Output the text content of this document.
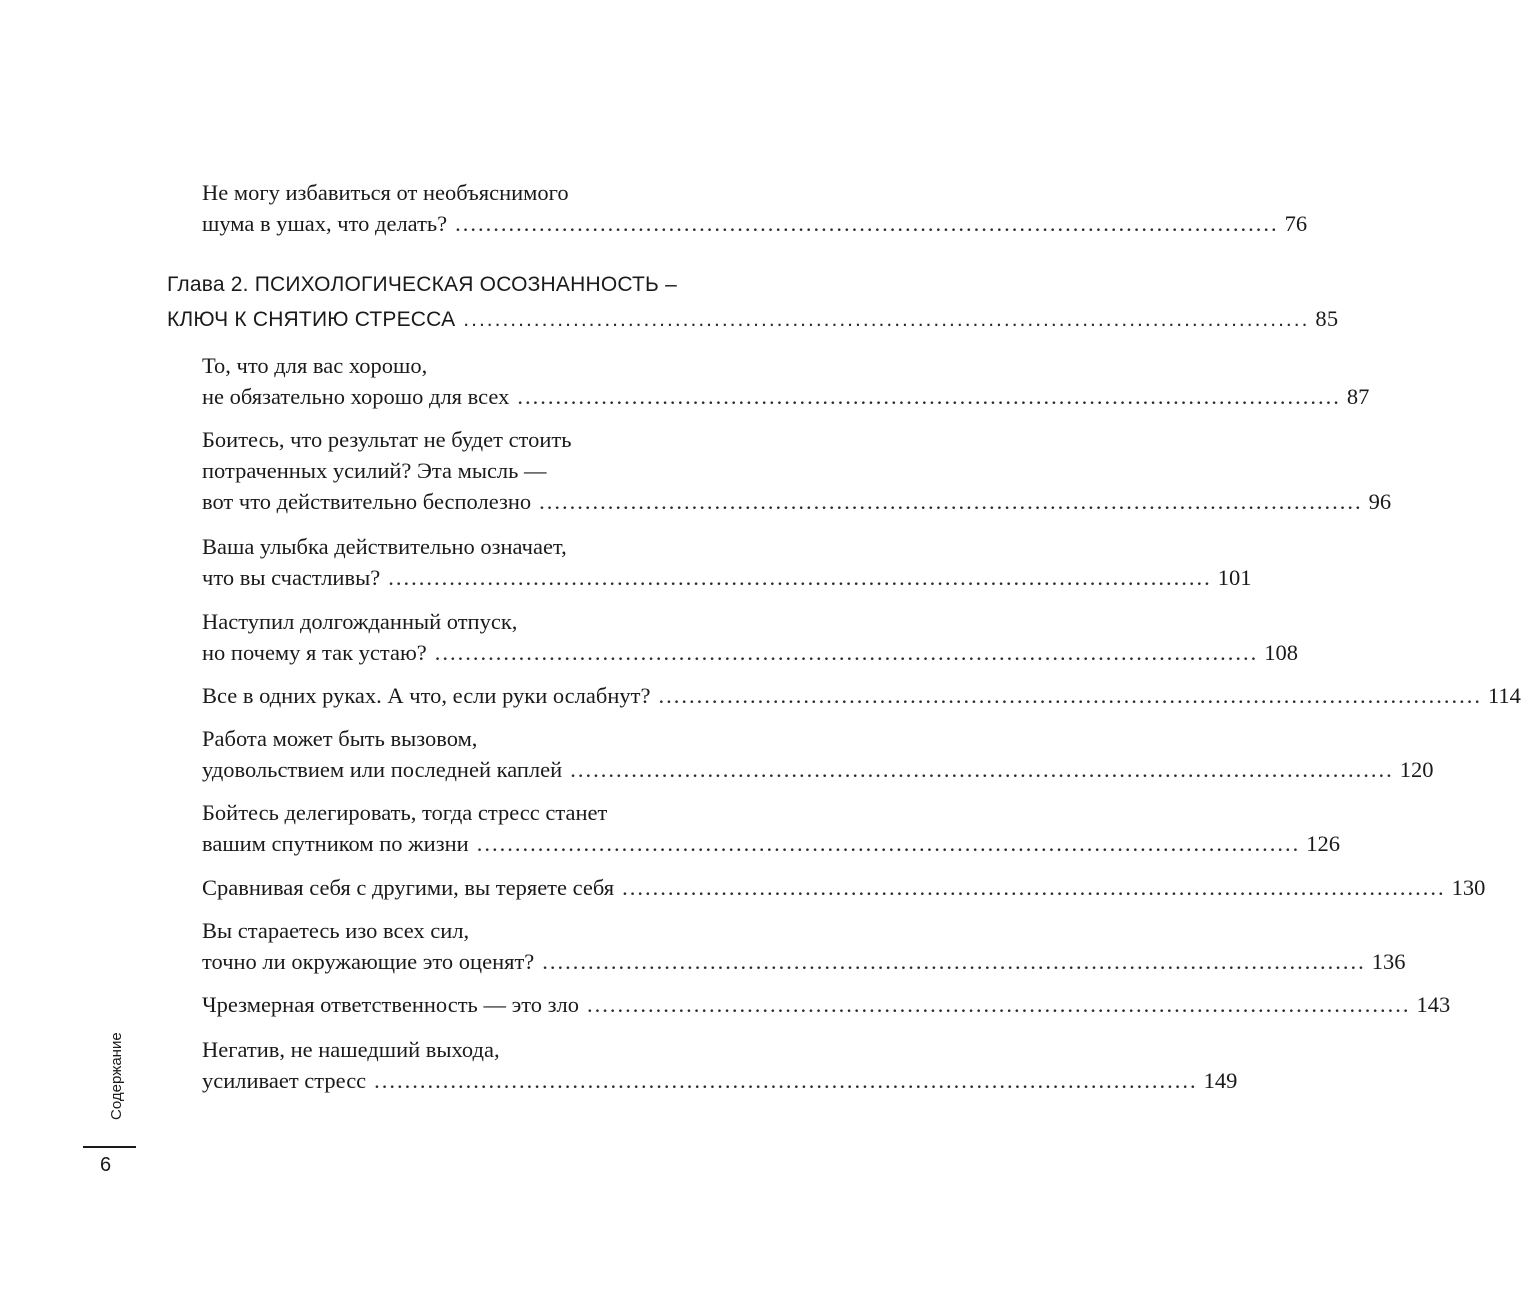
Не могу избавиться от необъяснимого
шума в ушах, что делать? ............................................................................................................ 76
Глава 2. ПСИХОЛОГИЧЕСКАЯ ОСОЗНАННОСТЬ –
КЛЮЧ К СНЯТИЮ СТРЕССА ............................................................................................................ 85
То, что для вас хорошо,
не обязательно хорошо для всех ............................................................................................................ 87
Боитесь, что результат не будет стоить
потраченных усилий? Эта мысль —
вот что действительно бесполезно ............................................................................................................ 96
Ваша улыбка действительно означает,
что вы счастливы? ............................................................................................................ 101
Наступил долгожданный отпуск,
но почему я так устаю? ............................................................................................................ 108
Все в одних руках. А что, если руки ослабнут? ............................................................................................................ 114
Работа может быть вызовом,
удовольствием или последней каплей ............................................................................................................ 120
Бойтесь делегировать, тогда стресс станет
вашим спутником по жизни ............................................................................................................ 126
Сравнивая себя с другими, вы теряете себя ............................................................................................................ 130
Вы стараетесь изо всех сил,
точно ли окружающие это оценят? ............................................................................................................ 136
Чрезмерная ответственность — это зло ............................................................................................................ 143
Негатив, не нашедший выхода,
усиливает стресс ............................................................................................................ 149
Содержание
6
